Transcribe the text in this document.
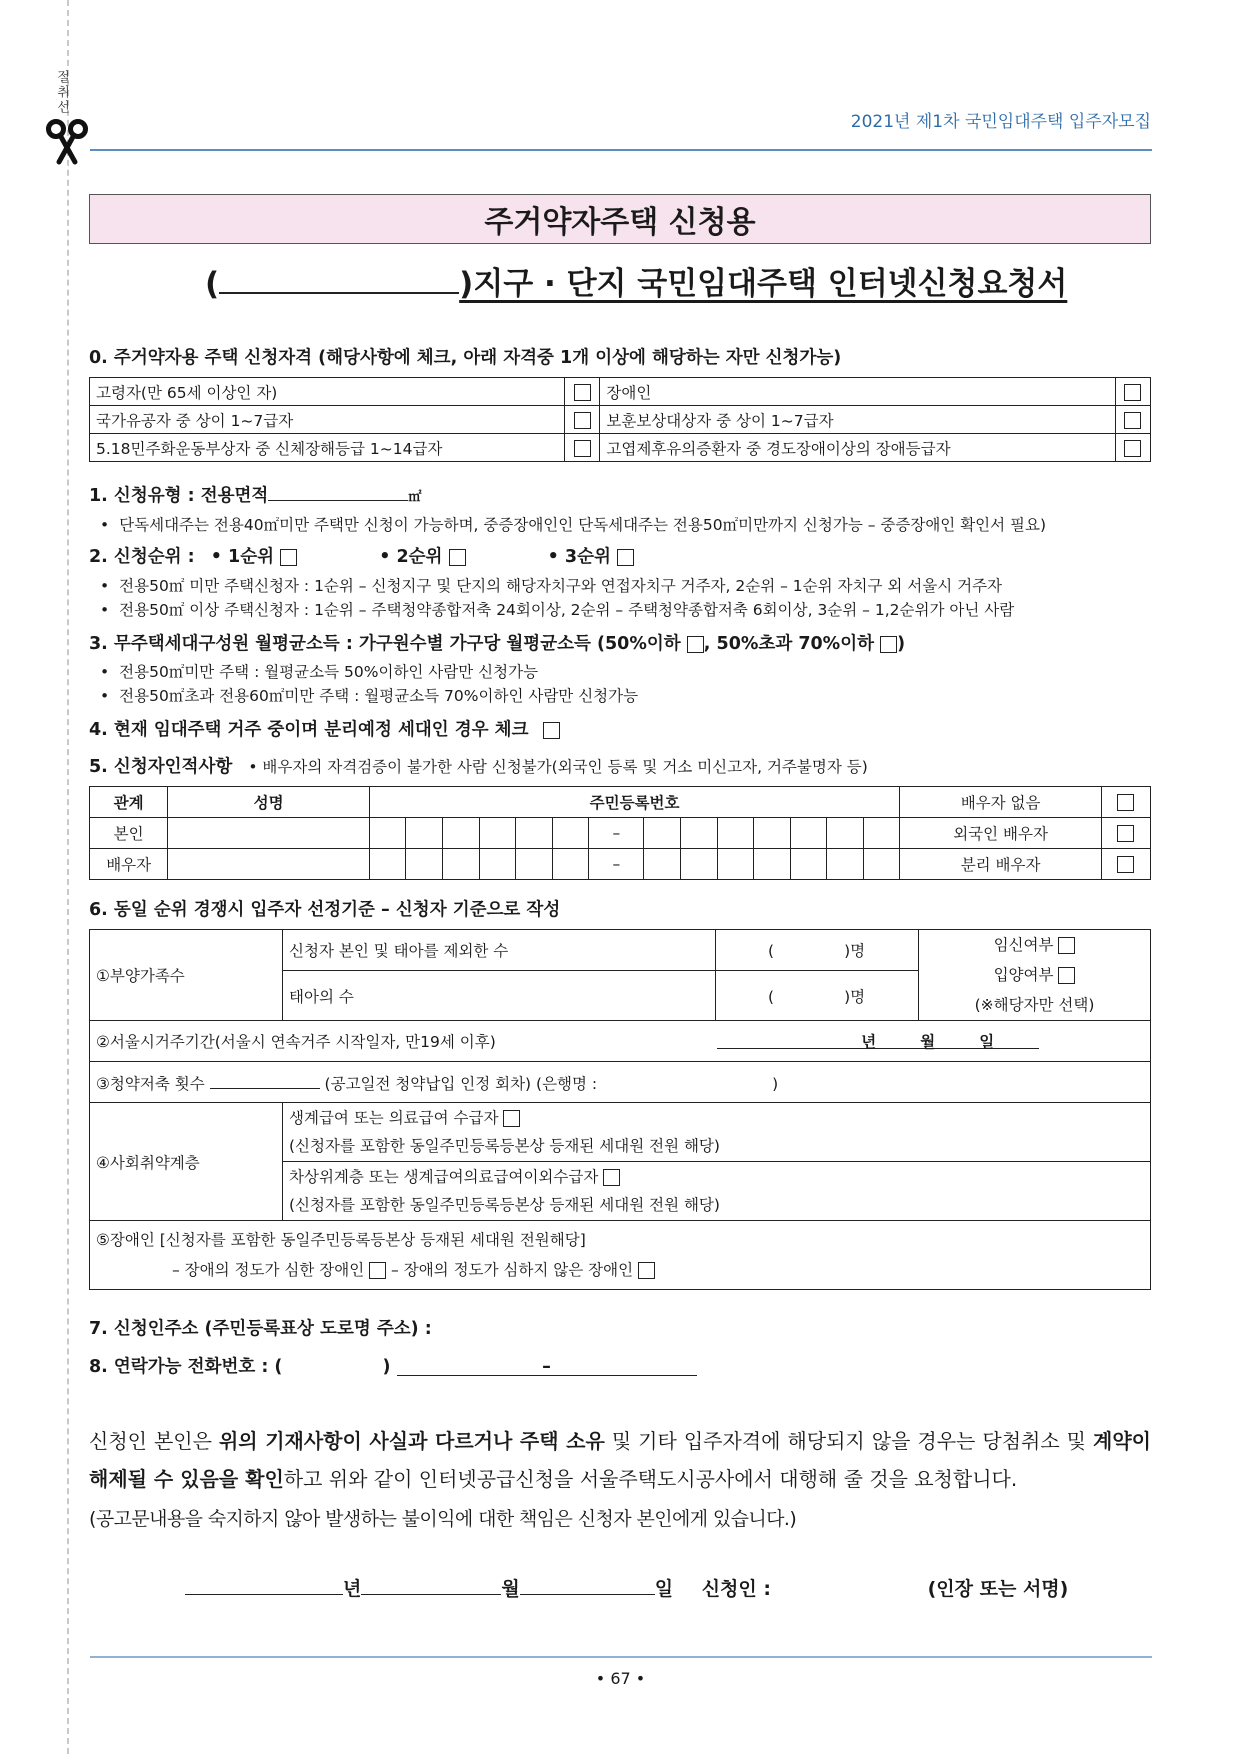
절취선
2021년 제1차 국민임대주택 입주자모집
주거약자주택 신청용
(	)지구 · 단지 국민임대주택 인터넷신청요청서
0. 주거약자용 주택 신청자격 (해당사항에 체크, 아래 자격중 1개 이상에 해당하는 자만 신청가능)
고령자(만 65세 이상인 자)		장애인	
국가유공자 중 상이 1~7급자		보훈보상대상자 중 상이 1~7급자	
5.18민주화운동부상자 중 신체장해등급 1~14급자		고엽제후유의증환자 중 경도장애이상의 장애등급자	
1. 신청유형 : 전용면적	㎡
• 단독세대주는 전용40㎡미만 주택만 신청이 가능하며, 중증장애인인 단독세대주는 전용50㎡미만까지 신청가능 – 중증장애인 확인서 필요)
2. 신청순위 : • 1순위	• 2순위	• 3순위
• 전용50㎡ 미만 주택신청자 : 1순위 – 신청지구 및 단지의 해당자치구와 연접자치구 거주자, 2순위 – 1순위 자치구 외 서울시 거주자
• 전용50㎡ 이상 주택신청자 : 1순위 – 주택청약종합저축 24회이상, 2순위 – 주택청약종합저축 6회이상, 3순위 – 1,2순위가 아닌 사람
3. 무주택세대구성원 월평균소득 : 가구원수별 가구당 월평균소득 (50%이하 , 50%초과 70%이하 )
• 전용50㎡미만 주택 : 월평균소득 50%이하인 사람만 신청가능
• 전용50㎡초과 전용60㎡미만 주택 : 월평균소득 70%이하인 사람만 신청가능
4. 현재 임대주택 거주 중이며 분리예정 세대인 경우 체크
5. 신청자인적사항 • 배우자의 자격검증이 불가한 사람 신청불가(외국인 등록 및 거소 미신고자, 거주불명자 등)
관계	성명	주민등록번호														배우자 없음	
본인								–								외국인 배우자	
배우자								–								분리 배우자	
6. 동일 순위 경쟁시 입주자 선정기준 – 신청자 기준으로 작성
①부양가족수	신청자 본인 및 태아를 제외한 수	( )명	임신여부
입양여부
(※해당자만 선택)

	태아의 수	( )명	
②서울시거주기간(서울시 연속거주 시작일자, 만19세 이후) 년 월 일			
③청약저축 횟수 (공고일전 청약납입 인정 회차) (은행명 : )			
④사회취약계층	생계급여 또는 의료급여 수급자
(신청자를 포함한 동일주민등록등본상 등재된 세대원 전원 해당)		

	차상위계층 또는 생계급여의료급여이외수급자
(신청자를 포함한 동일주민등록등본상 등재된 세대원 전원 해당)		

⑤장애인 [신청자를 포함한 동일주민등록등본상 등재된 세대원 전원해당]
– 장애의 정도가 심한 장애인 – 장애의 정도가 심하지 않은 장애인			
7. 신청인주소 (주민등록표상 도로명 주소) :
8. 연락가능 전화번호 : (	)	–
신청인 본인은 위의 기재사항이 사실과 다르거나 주택 소유 및 기타 입주자격에 해당되지 않을 경우는 당첨취소 및 계약이 해제될 수 있음을 확인하고 위와 같이 인터넷공급신청을 서울주택도시공사에서 대행해 줄 것을 요청합니다.
(공고문내용을 숙지하지 않아 발생하는 불이익에 대한 책임은 신청자 본인에게 있습니다.)
년	월	일 신청인 :	(인장 또는 서명)
• 67 •
